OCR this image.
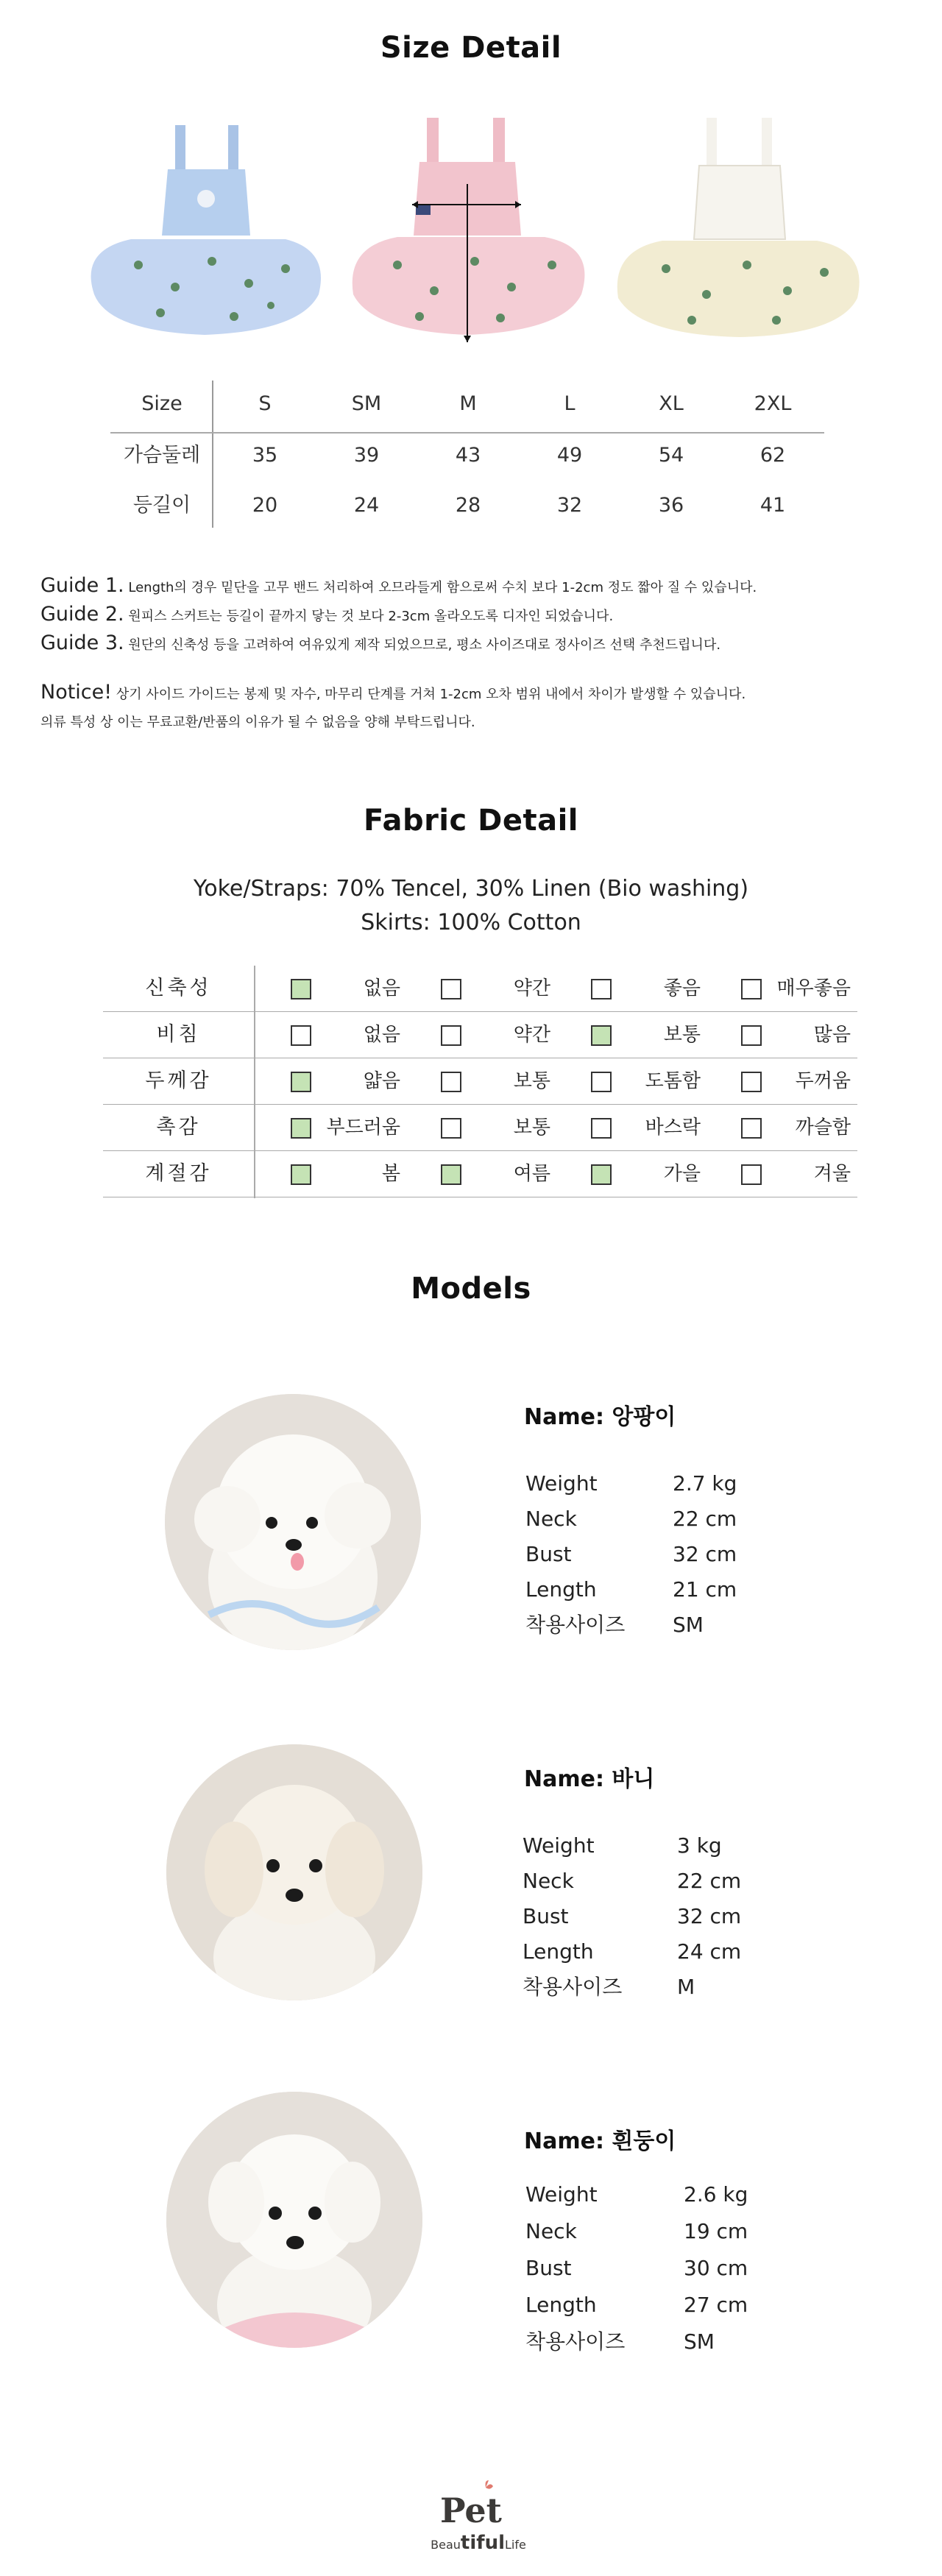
Size Detail
Size	S	SM	M	L	XL	2XL
가슴둘레	35	39	43	49	54	62
등길이	20	24	28	32	36	41
Guide 1. Length의 경우 밑단을 고무 밴드 처리하여 오므라들게 함으로써 수치 보다 1-2cm 정도 짧아 질 수 있습니다.
Guide 2. 원피스 스커트는 등길이 끝까지 닿는 것 보다 2-3cm 올라오도록 디자인 되었습니다.
Guide 3. 원단의 신축성 등을 고려하여 여유있게 제작 되었으므로, 평소 사이즈대로 정사이즈 선택 추천드립니다.
Notice! 상기 사이드 가이드는 봉제 및 자수, 마무리 단계를 거쳐 1-2cm 오차 범위 내에서 차이가 발생할 수 있습니다.
의류 특성 상 이는 무료교환/반품의 이유가 될 수 없음을 양해 부탁드립니다.
Fabric Detail
Yoke/Straps: 70% Tencel, 30% Linen (Bio washing)
Skirts: 100% Cotton
신축성	없음	약간	좋음	매우좋음
비침	없음	약간	보통	많음
두께감	얇음	보통	도톰함	두꺼움
촉감	부드러움	보통	바스락	까슬함
계절감	봄	여름	가을	겨울
Models
Name: 앙팡이
Weight	2.7 kg
Neck	22 cm
Bust	32 cm
Length	21 cm
착용사이즈 SM
Name: 바니
Weight	3 kg
Neck	22 cm
Bust	32 cm
Length	24 cm
착용사이즈	M
Name: 흰둥이
Weight	2.6 kg
Neck	19 cm
Bust	30 cm
Length	27 cm
착용사이즈	SM
Pet
BeautifulLife
